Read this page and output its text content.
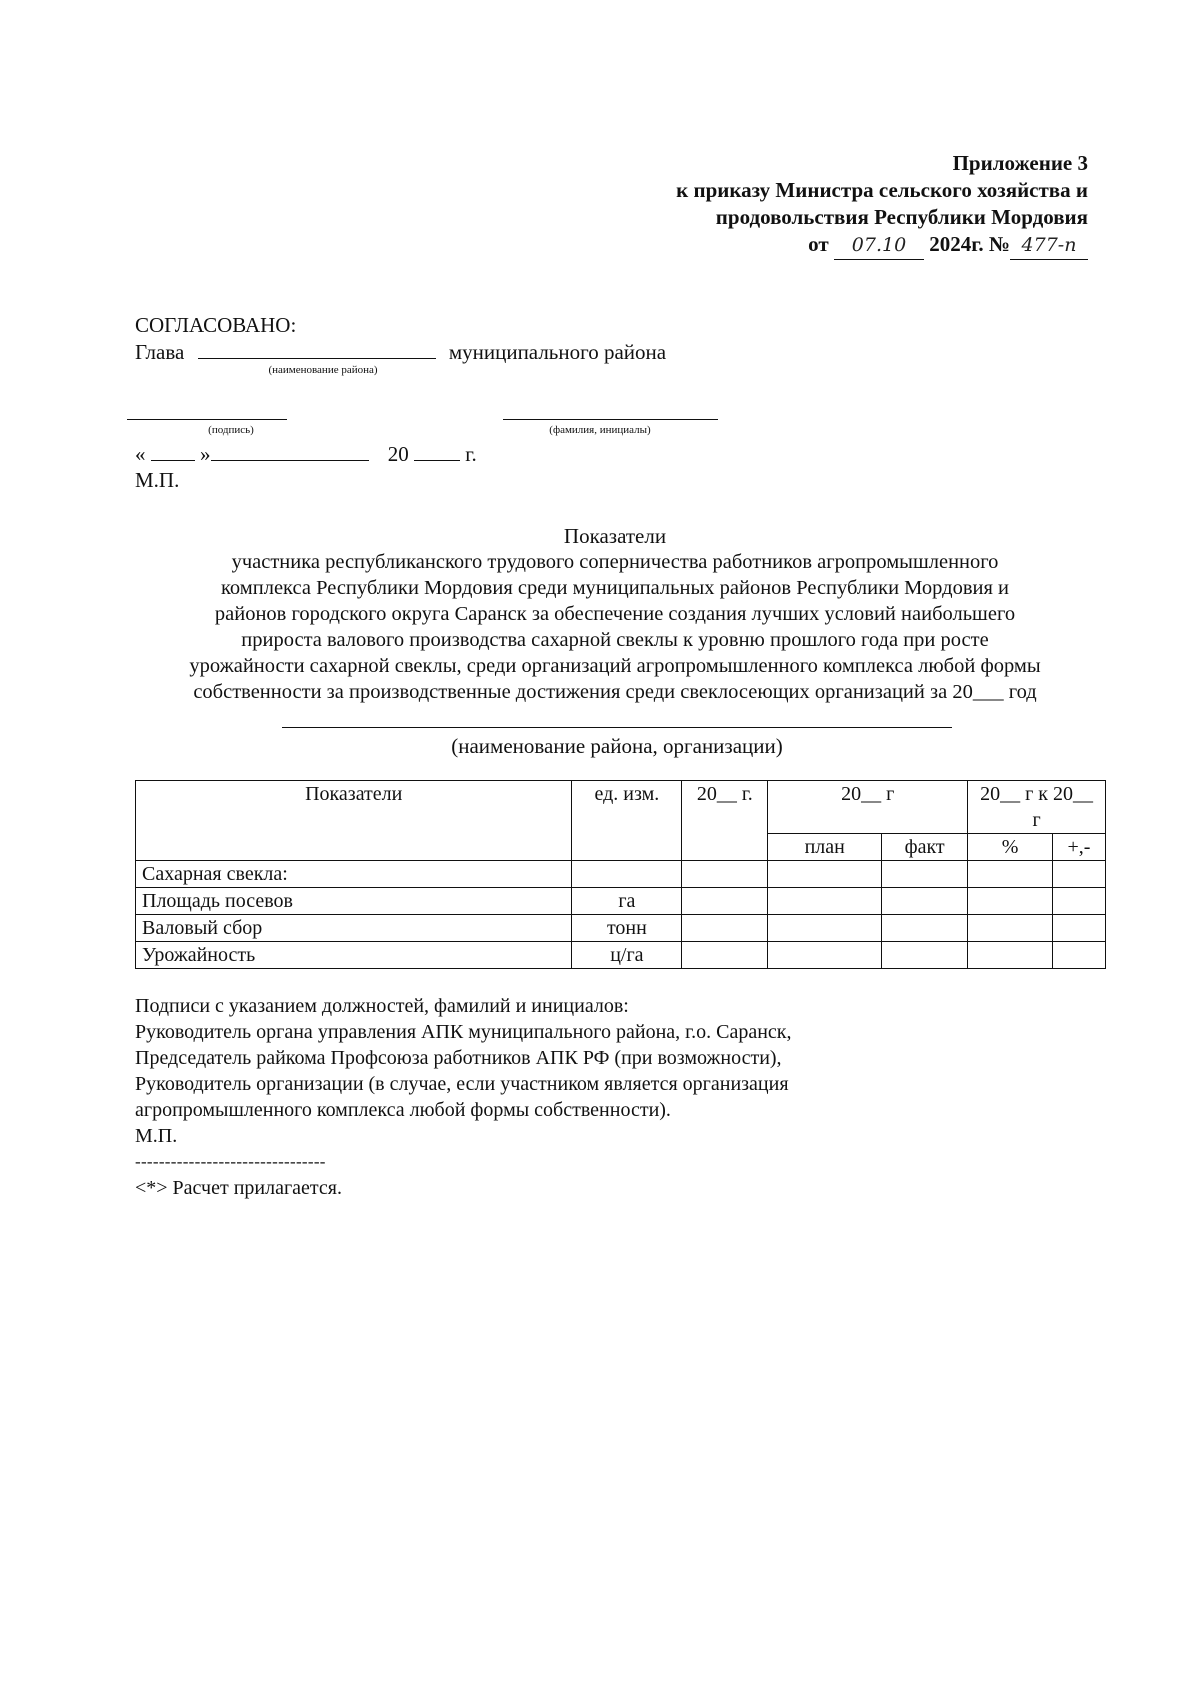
Приложение 3
к приказу Министра сельского хозяйства и
продовольствия Республики Мордовия
от 07.10 2024г. № 477-п
СОГЛАСОВАНО:
Глава	муниципального района
(наименование района)
(подпись)	(фамилия, инициалы)
«	»	20	г.
М.П.
Показатели
участника республиканского трудового соперничества работников агропромышленного
комплекса Республики Мордовия среди муниципальных районов Республики Мордовия и
районов городского округа Саранск за обеспечение создания лучших условий наибольшего
прироста валового производства сахарной свеклы к уровню прошлого года при росте
урожайности сахарной свеклы, среди организаций агропромышленного комплекса любой формы
собственности за производственные достижения среди свеклосеющих организаций за 20___ год
(наименование района, организации)
Показатели	ед. изм.	20__ г.	20__ г		20__ г к 20__ г	
			план	факт	%	+,-
Сахарная свекла:						
Площадь посевов	га					
Валовый сбор	тонн					
Урожайность	ц/га					
Подписи с указанием должностей, фамилий и инициалов:
Руководитель органа управления АПК муниципального района, г.о. Саранск,
Председатель райкома Профсоюза работников АПК РФ (при возможности),
Руководитель организации (в случае, если участником является организация
агропромышленного комплекса любой формы собственности).
М.П.
--------------------------------
<*> Расчет прилагается.
